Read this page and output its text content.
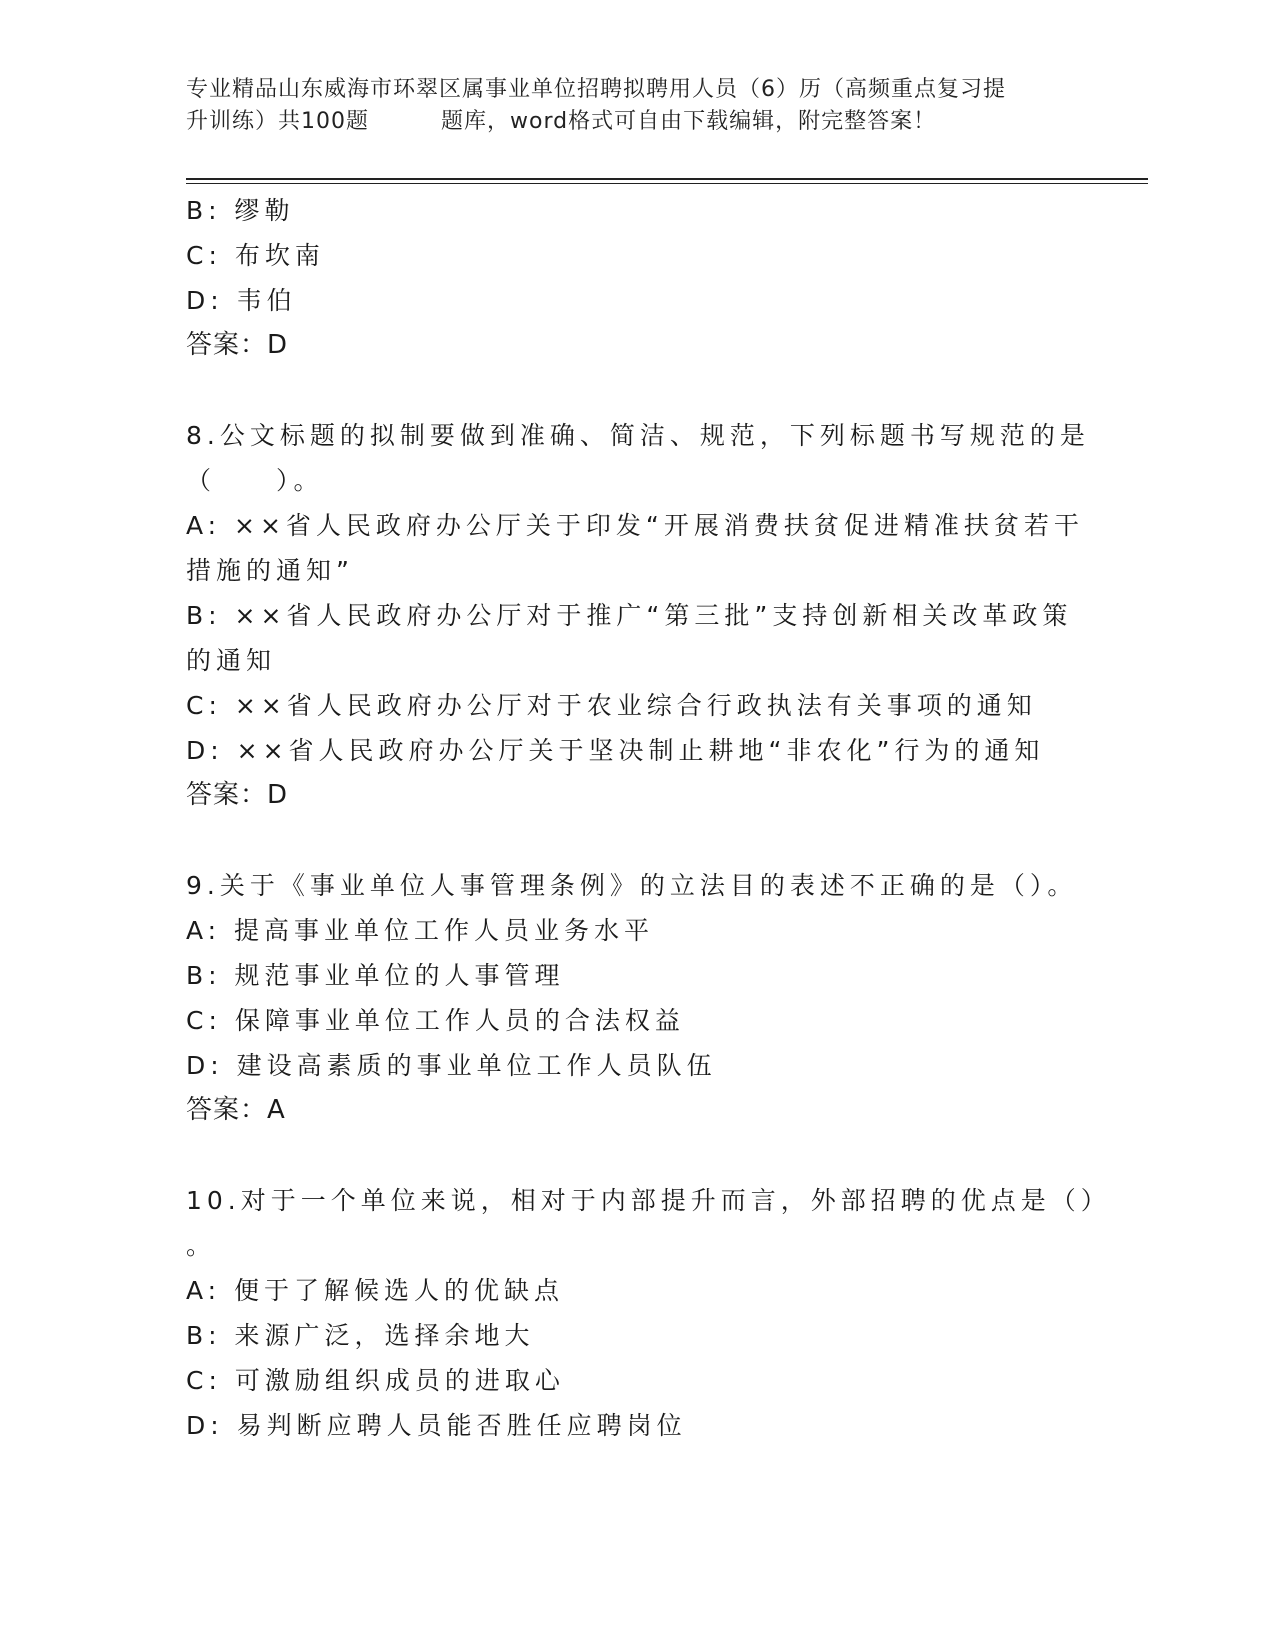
专业精品山东威海市环翠区属事业单位招聘拟聘用人员（6）历（高频重点复习提
升训练）共100题	题库，word格式可自由下载编辑，附完整答案！
B: 缪勒
C: 布坎南
D: 韦伯
答案：D
8.公文标题的拟制要做到准确、简洁、规范，下列标题书写规范的是
（　　）。
A: ××省人民政府办公厅关于印发“开展消费扶贫促进精准扶贫若干
措施的通知”
B: ××省人民政府办公厅对于推广“第三批”支持创新相关改革政策
的通知
C: ××省人民政府办公厅对于农业综合行政执法有关事项的通知
D: ××省人民政府办公厅关于坚决制止耕地“非农化”行为的通知
答案：D
9.关于《事业单位人事管理条例》的立法目的表述不正确的是（）。
A: 提高事业单位工作人员业务水平
B: 规范事业单位的人事管理
C: 保障事业单位工作人员的合法权益
D: 建设高素质的事业单位工作人员队伍
答案：A
10.对于一个单位来说，相对于内部提升而言，外部招聘的优点是（）
。
A: 便于了解候选人的优缺点
B: 来源广泛，选择余地大
C: 可激励组织成员的进取心
D: 易判断应聘人员能否胜任应聘岗位
